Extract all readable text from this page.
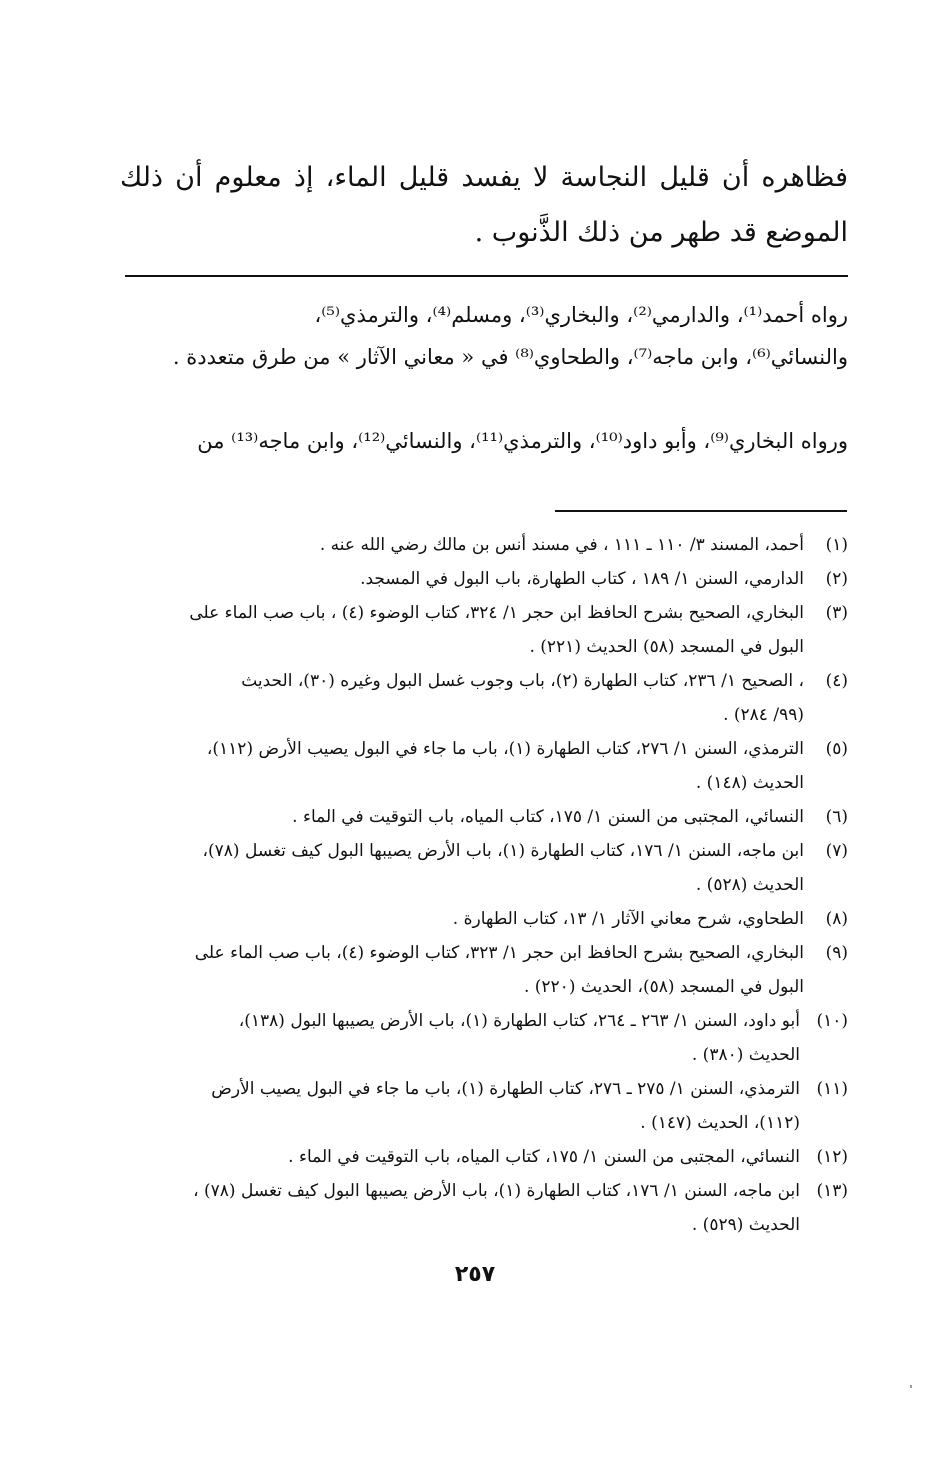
فظاهره أن قليل النجاسة لا يفسد قليل الماء، إذ معلوم أن ذلك الموضع قد طهر من ذلك الذَّنوب .
رواه أحمد⁽¹⁾، والدارمي⁽²⁾، والبخاري⁽³⁾، ومسلم⁽⁴⁾، والترمذي⁽⁵⁾،
والنسائي⁽⁶⁾، وابن ماجه⁽⁷⁾، والطحاوي⁽⁸⁾ في « معاني الآثار » من طرق متعددة .
ورواه البخاري⁽⁹⁾، وأبو داود⁽¹⁰⁾، والترمذي⁽¹¹⁾، والنسائي⁽¹²⁾، وابن ماجه⁽¹³⁾ من
(١)
أحمد، المسند ٣/ ١١٠ ـ ١١١ ، في مسند أنس بن مالك رضي الله عنه .
(٢)
الدارمي، السنن ١/ ١٨٩ ، كتاب الطهارة، باب البول في المسجد.
(٣)
البخاري، الصحيح بشرح الحافظ ابن حجر ١/ ٣٢٤، كتاب الوضوء (٤) ، باب صب الماء على
البول في المسجد (٥٨) الحديث (٢٢١) .
(٤)
، الصحيح ١/ ٢٣٦، كتاب الطهارة (٢)، باب وجوب غسل البول وغيره (٣٠)، الحديث
(٩٩/ ٢٨٤) .
(٥)
الترمذي، السنن ١/ ٢٧٦، كتاب الطهارة (١)، باب ما جاء في البول يصيب الأرض (١١٢)،
الحديث (١٤٨) .
(٦)
النسائي، المجتبى من السنن ١/ ١٧٥، كتاب المياه، باب التوقيت في الماء .
(٧)
ابن ماجه، السنن ١/ ١٧٦، كتاب الطهارة (١)، باب الأرض يصيبها البول كيف تغسل (٧٨)،
الحديث (٥٢٨) .
(٨)
الطحاوي، شرح معاني الآثار ١/ ١٣، كتاب الطهارة .
(٩)
البخاري، الصحيح بشرح الحافظ ابن حجر ١/ ٣٢٣، كتاب الوضوء (٤)، باب صب الماء على
البول في المسجد (٥٨)، الحديث (٢٢٠) .
(١٠)
أبو داود، السنن ١/ ٢٦٣ ـ ٢٦٤، كتاب الطهارة (١)، باب الأرض يصيبها البول (١٣٨)،
الحديث (٣٨٠) .
(١١)
الترمذي، السنن ١/ ٢٧٥ ـ ٢٧٦، كتاب الطهارة (١)، باب ما جاء في البول يصيب الأرض
(١١٢)، الحديث (١٤٧) .
(١٢)
النسائي، المجتبى من السنن ١/ ١٧٥، كتاب المياه، باب التوقيت في الماء .
(١٣)
ابن ماجه، السنن ١/ ١٧٦، كتاب الطهارة (١)، باب الأرض يصيبها البول كيف تغسل (٧٨) ،
الحديث (٥٢٩) .
٢٥٧
